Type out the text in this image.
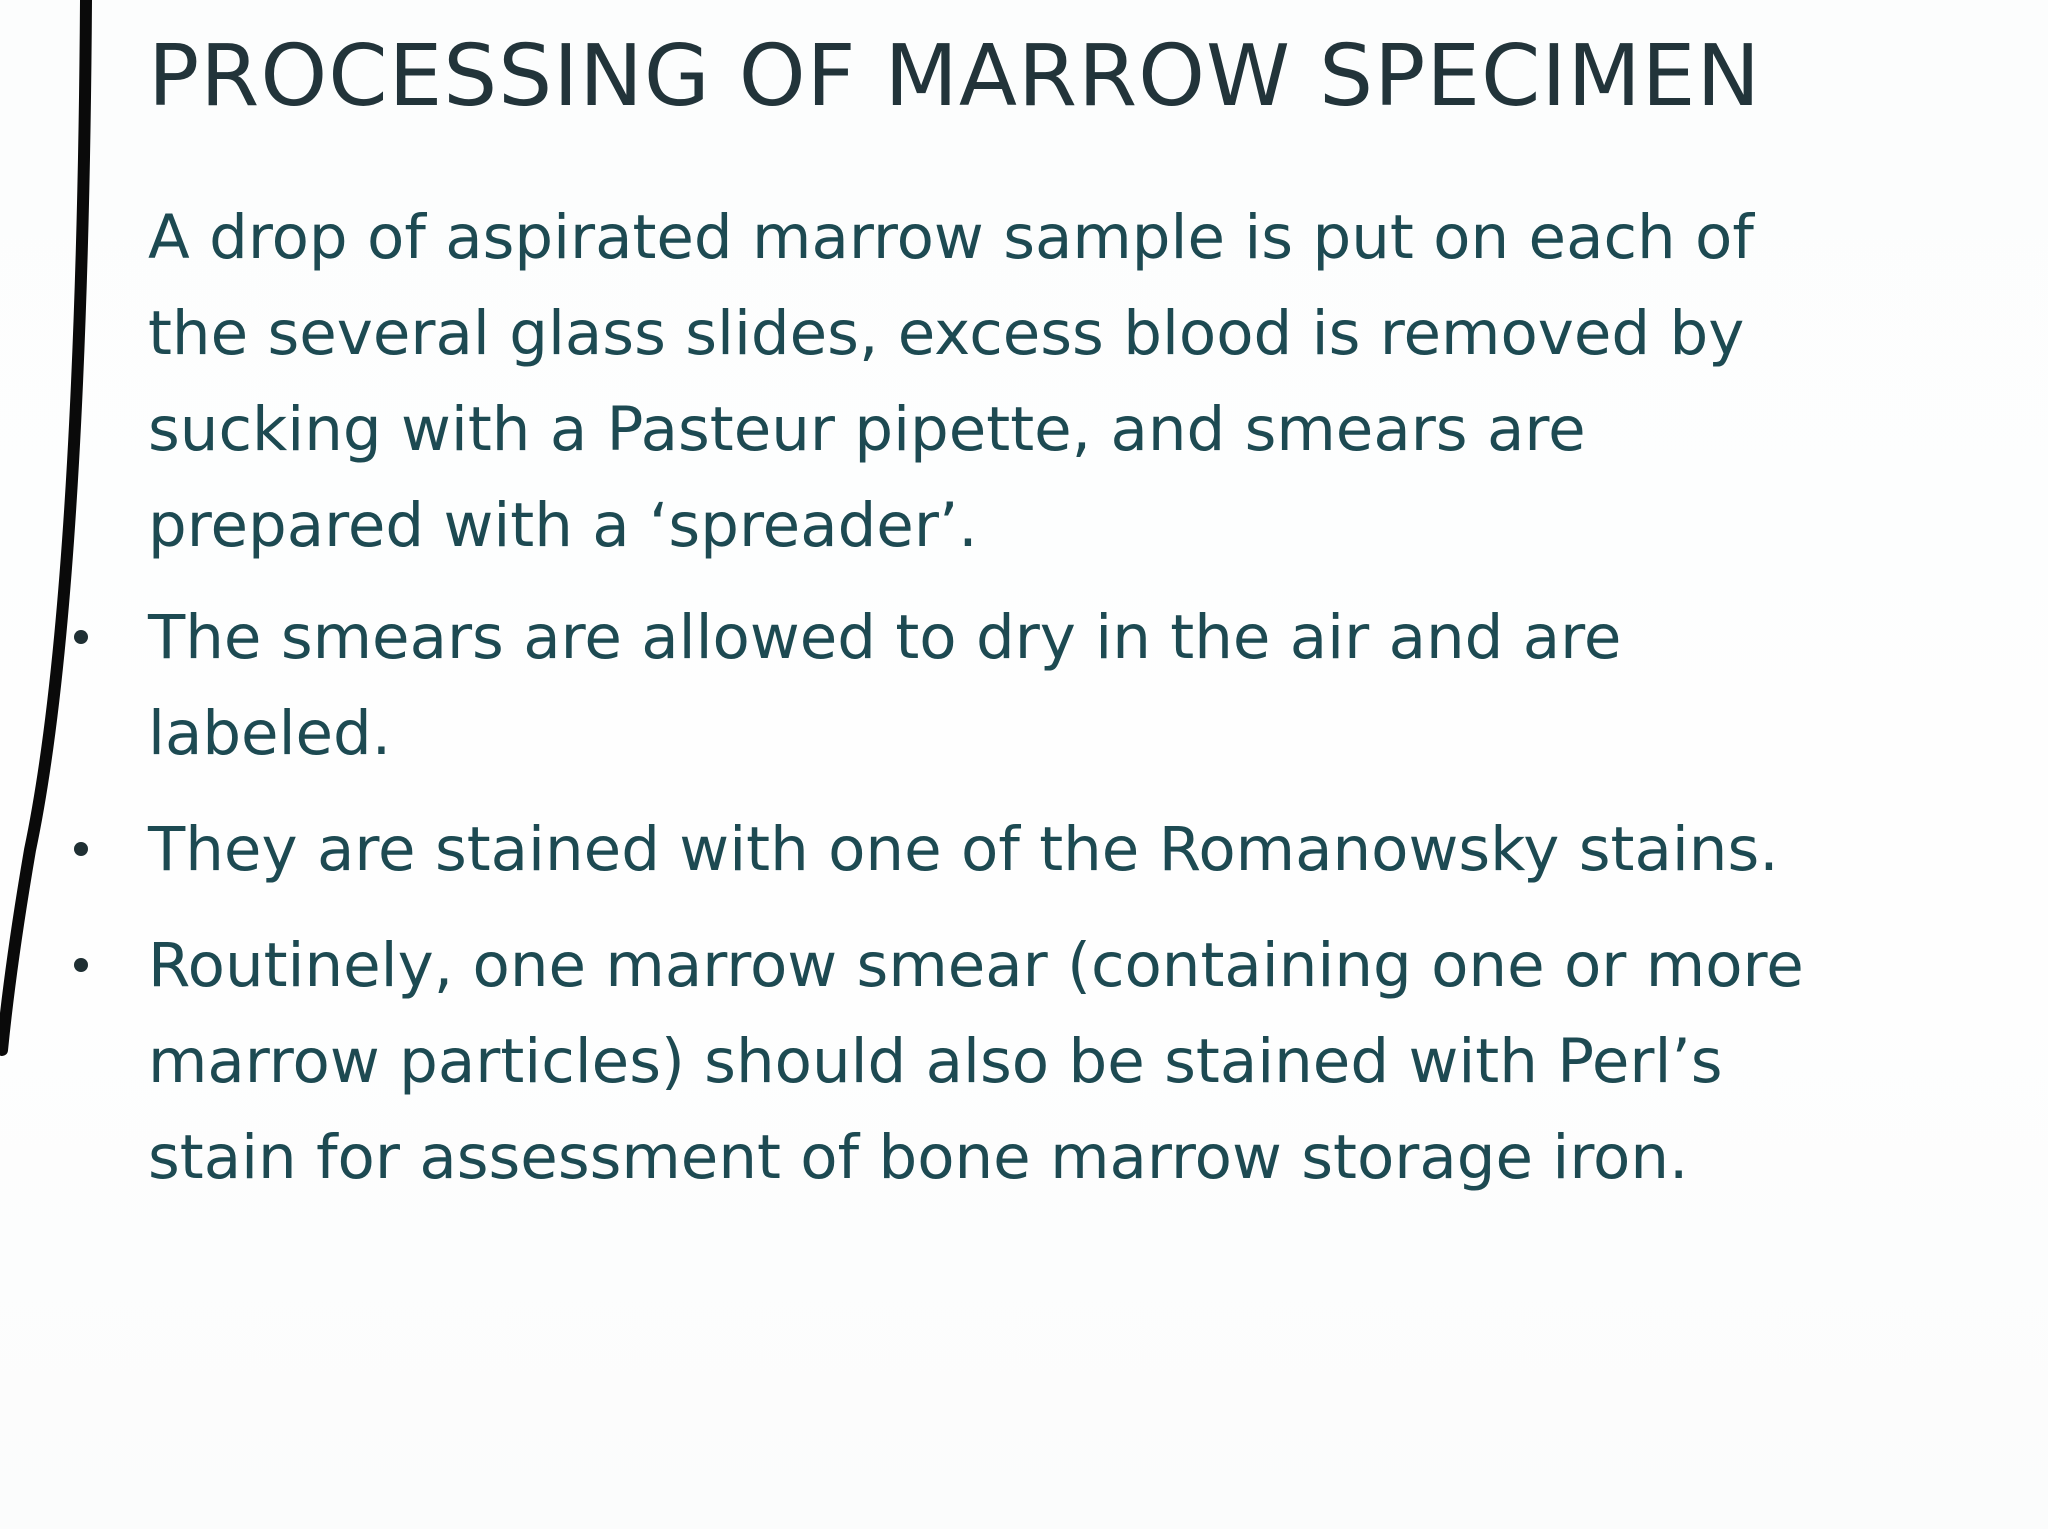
PROCESSING OF MARROW SPECIMEN
A drop of aspirated marrow sample is put on each of
the several glass slides, excess blood is removed by
sucking with a Pasteur pipette, and smears are
prepared with a ‘spreader’.
The smears are allowed to dry in the air and are
labeled.
They are stained with one of the Romanowsky stains.
Routinely, one marrow smear (containing one or more
marrow particles) should also be stained with Perl’s
stain for assessment of bone marrow storage iron.
